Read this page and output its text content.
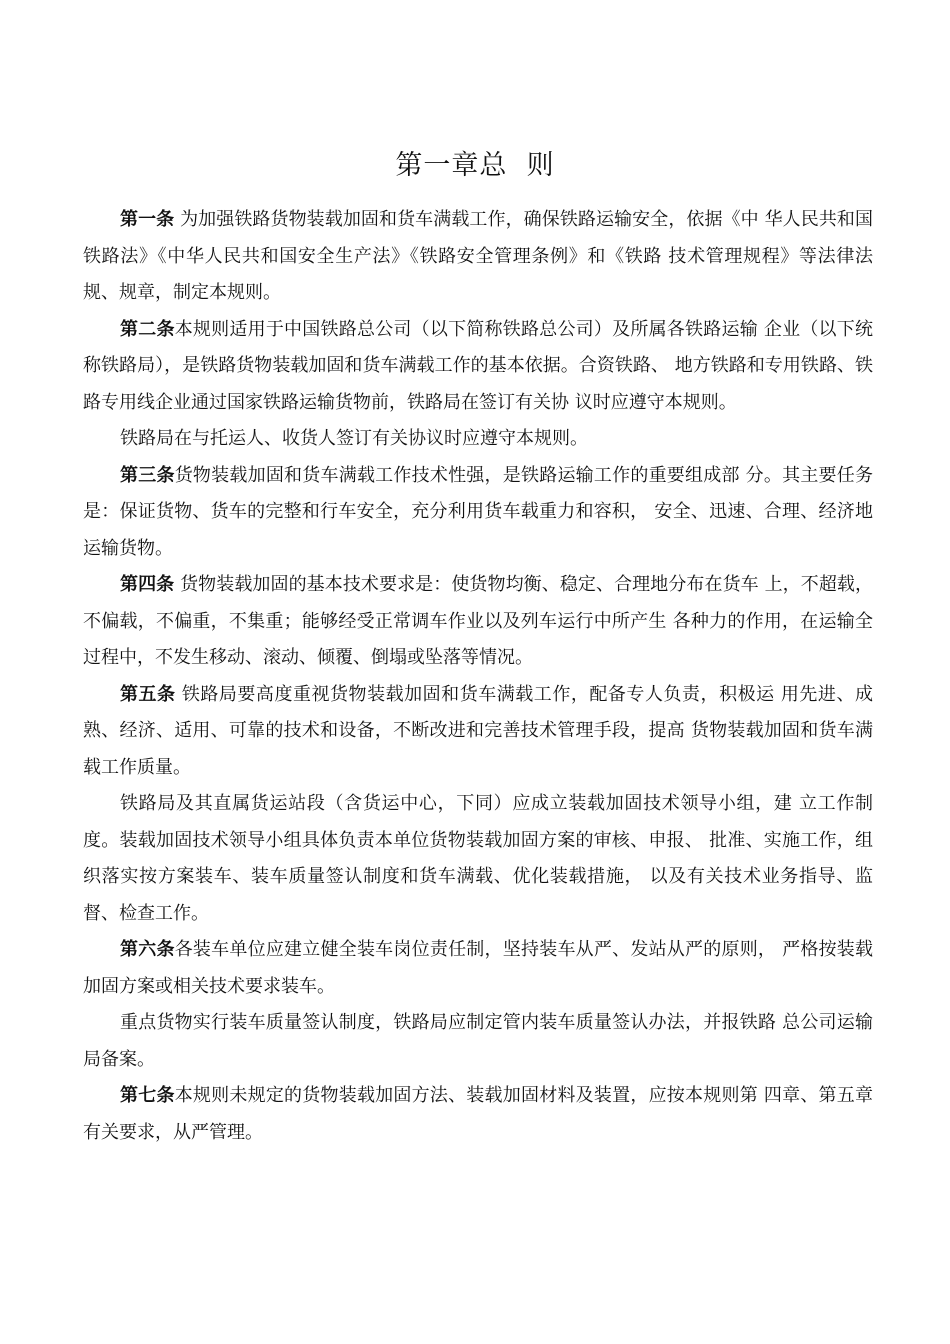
第一章总  则

第一条 为加强铁路货物装载加固和货车满载工作，确保铁路运输安全，依据《中 华人民共和国铁路法》《中华人民共和国安全生产法》《铁路安全管理条例》和《铁路 技术管理规程》等法律法规、规章，制定本规则。

第二条本规则适用于中国铁路总公司（以下简称铁路总公司）及所属各铁路运输 企业（以下统称铁路局），是铁路货物装载加固和货车满载工作的基本依据。合资铁路、 地方铁路和专用铁路、铁路专用线企业通过国家铁路运输货物前，铁路局在签订有关协 议时应遵守本规则。

铁路局在与托运人、收货人签订有关协议时应遵守本规则。

第三条货物装载加固和货车满载工作技术性强，是铁路运输工作的重要组成部 分。其主要任务是：保证货物、货车的完整和行车安全，充分利用货车载重力和容积， 安全、迅速、合理、经济地运输货物。

第四条 货物装载加固的基本技术要求是：使货物均衡、稳定、合理地分布在货车 上，不超载，不偏载，不偏重，不集重；能够经受正常调车作业以及列车运行中所产生 各种力的作用，在运输全过程中，不发生移动、滚动、倾覆、倒塌或坠落等情况。

第五条 铁路局要高度重视货物装载加固和货车满载工作，配备专人负责，积极运 用先进、成熟、经济、适用、可靠的技术和设备，不断改进和完善技术管理手段，提高 货物装载加固和货车满载工作质量。

铁路局及其直属货运站段（含货运中心，下同）应成立装载加固技术领导小组，建 立工作制度。装载加固技术领导小组具体负责本单位货物装载加固方案的审核、申报、 批准、实施工作，组织落实按方案装车、装车质量签认制度和货车满载、优化装载措施， 以及有关技术业务指导、监督、检查工作。

第六条各装车单位应建立健全装车岗位责任制，坚持装车从严、发站从严的原则， 严格按装载加固方案或相关技术要求装车。

重点货物实行装车质量签认制度，铁路局应制定管内装车质量签认办法，并报铁路 总公司运输局备案。

第七条本规则未规定的货物装载加固方法、装载加固材料及装置，应按本规则第 四章、第五章有关要求，从严管理。
